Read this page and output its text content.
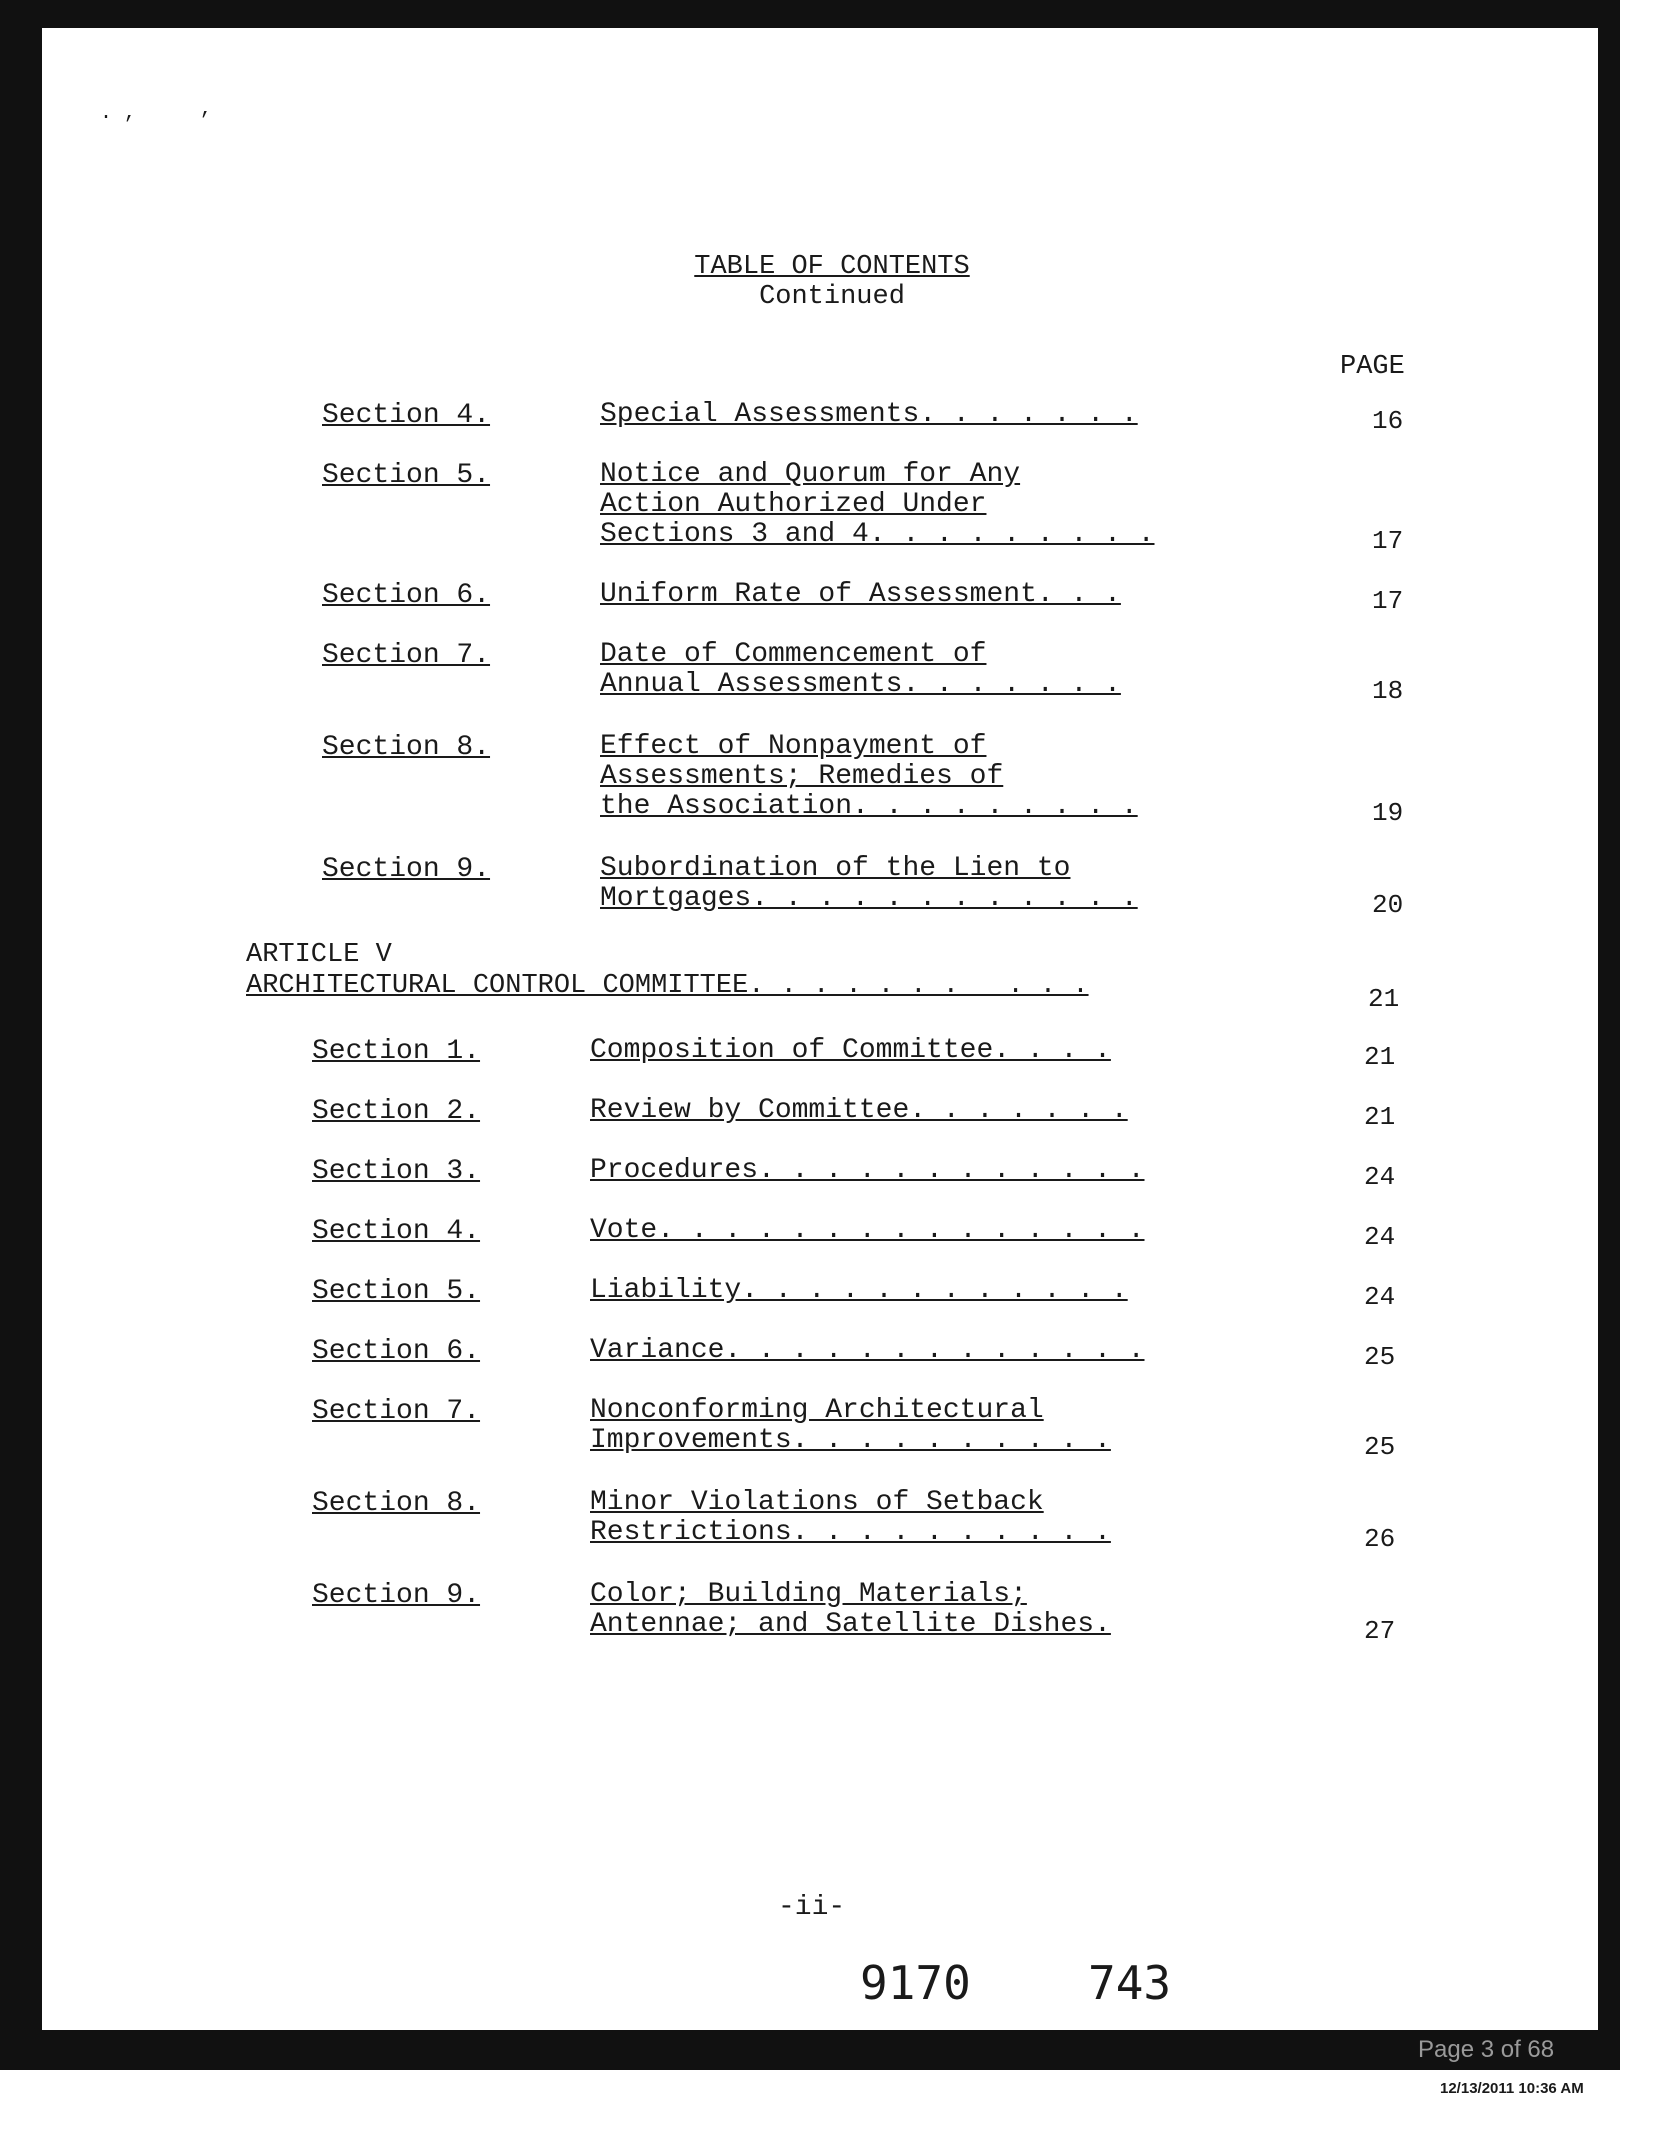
. ,	,
TABLE OF CONTENTS
Continued
PAGE
Section 4.	Special Assessments. . . . . . .	16
Section 5.	Notice and Quorum for Any
Action Authorized Under
Sections 3 and 4. . . . . . . . .	17
Section 6.	Uniform Rate of Assessment. . .	17
Section 7.	Date of Commencement of
Annual Assessments. . . . . . .	18
Section 8.	Effect of Nonpayment of
Assessments; Remedies of
the Association. . . . . . . . .	19
Section 9.	Subordination of the Lien to
Mortgages. . . . . . . . . . . .	20
ARTICLE V
ARCHITECTURAL CONTROL COMMITTEE. . . . . . .   . . .	21
Section 1.	Composition of Committee. . . .	21
Section 2.	Review by Committee. . . . . . .	21
Section 3.	Procedures. . . . . . . . . . . .	24
Section 4.	Vote. . . . . . . . . . . . . . .	24
Section 5.	Liability. . . . . . . . . . . .	24
Section 6.	Variance. . . . . . . . . . . . .	25
Section 7.	Nonconforming Architectural
Improvements. . . . . . . . . .	25
Section 8.	Minor Violations of Setback
Restrictions. . . . . . . . . .	26
Section 9.	Color; Building Materials;
Antennae; and Satellite Dishes.	27
-ii-
9170	743
Page 3 of 68
12/13/2011 10:36 AM
